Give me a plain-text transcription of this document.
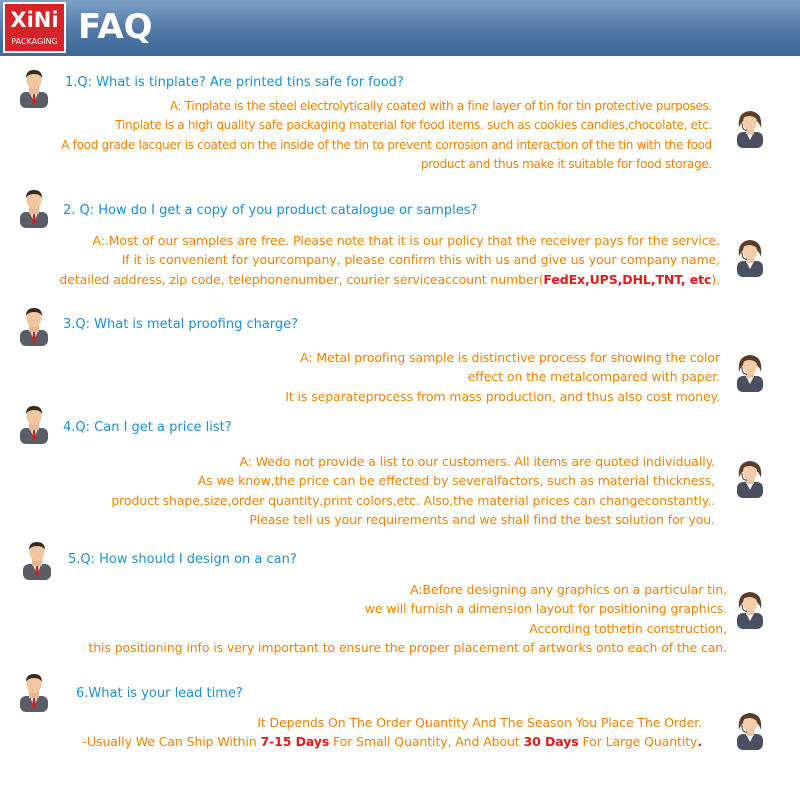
XiNi
PACKAGING FAQ
1.Q: What is tinplate? Are printed tins safe for food?
A: Tinplate is the steel electrolytically coated with a fine layer of tin for tin protective purposes.
Tinplate is a high quality safe packaging material for food items. such as cookies candies,chocolate, etc.
A food grade lacquer is coated on the inside of the tin to prevent corrosion and interaction of the tin with the food
product and thus make it suitable for food storage.
2. Q: How do I get a copy of you product catalogue or samples?
A:.Most of our samples are free. Please note that it is our policy that the receiver pays for the service.
If it is convenient for yourcompany, please confirm this with us and give us your company name,
detailed address, zip code, telephonenumber, courier serviceaccount number(FedEx,UPS,DHL,TNT, etc).
3.Q: What is metal proofing charge?
A: Metal proofing sample is distinctive process for showing the color
effect on the metalcompared with paper.
It is separateprocess from mass production, and thus also cost money.
4.Q: Can I get a price list?
A: Wedo not provide a list to our customers. All items are quoted individually.
As we know,the price can be effected by severalfactors, such as material thickness,
product shape,size,order quantity,print colors,etc. Also,the material prices can changeconstantly..
Please tell us your requirements and we shall find the best solution for you.
5.Q: How should I design on a can?
A:Before designing any graphics on a particular tin,
we will furnish a dimension layout for positioning graphics.
According tothetin construction,
this positioning info is very important to ensure the proper placement of artworks onto each of the can.
6.What is your lead time?
It Depends On The Order Quantity And The Season You Place The Order.
-Usually We Can Ship Within 7-15 Days For Small Quantity, And About 30 Days For Large Quantity.
